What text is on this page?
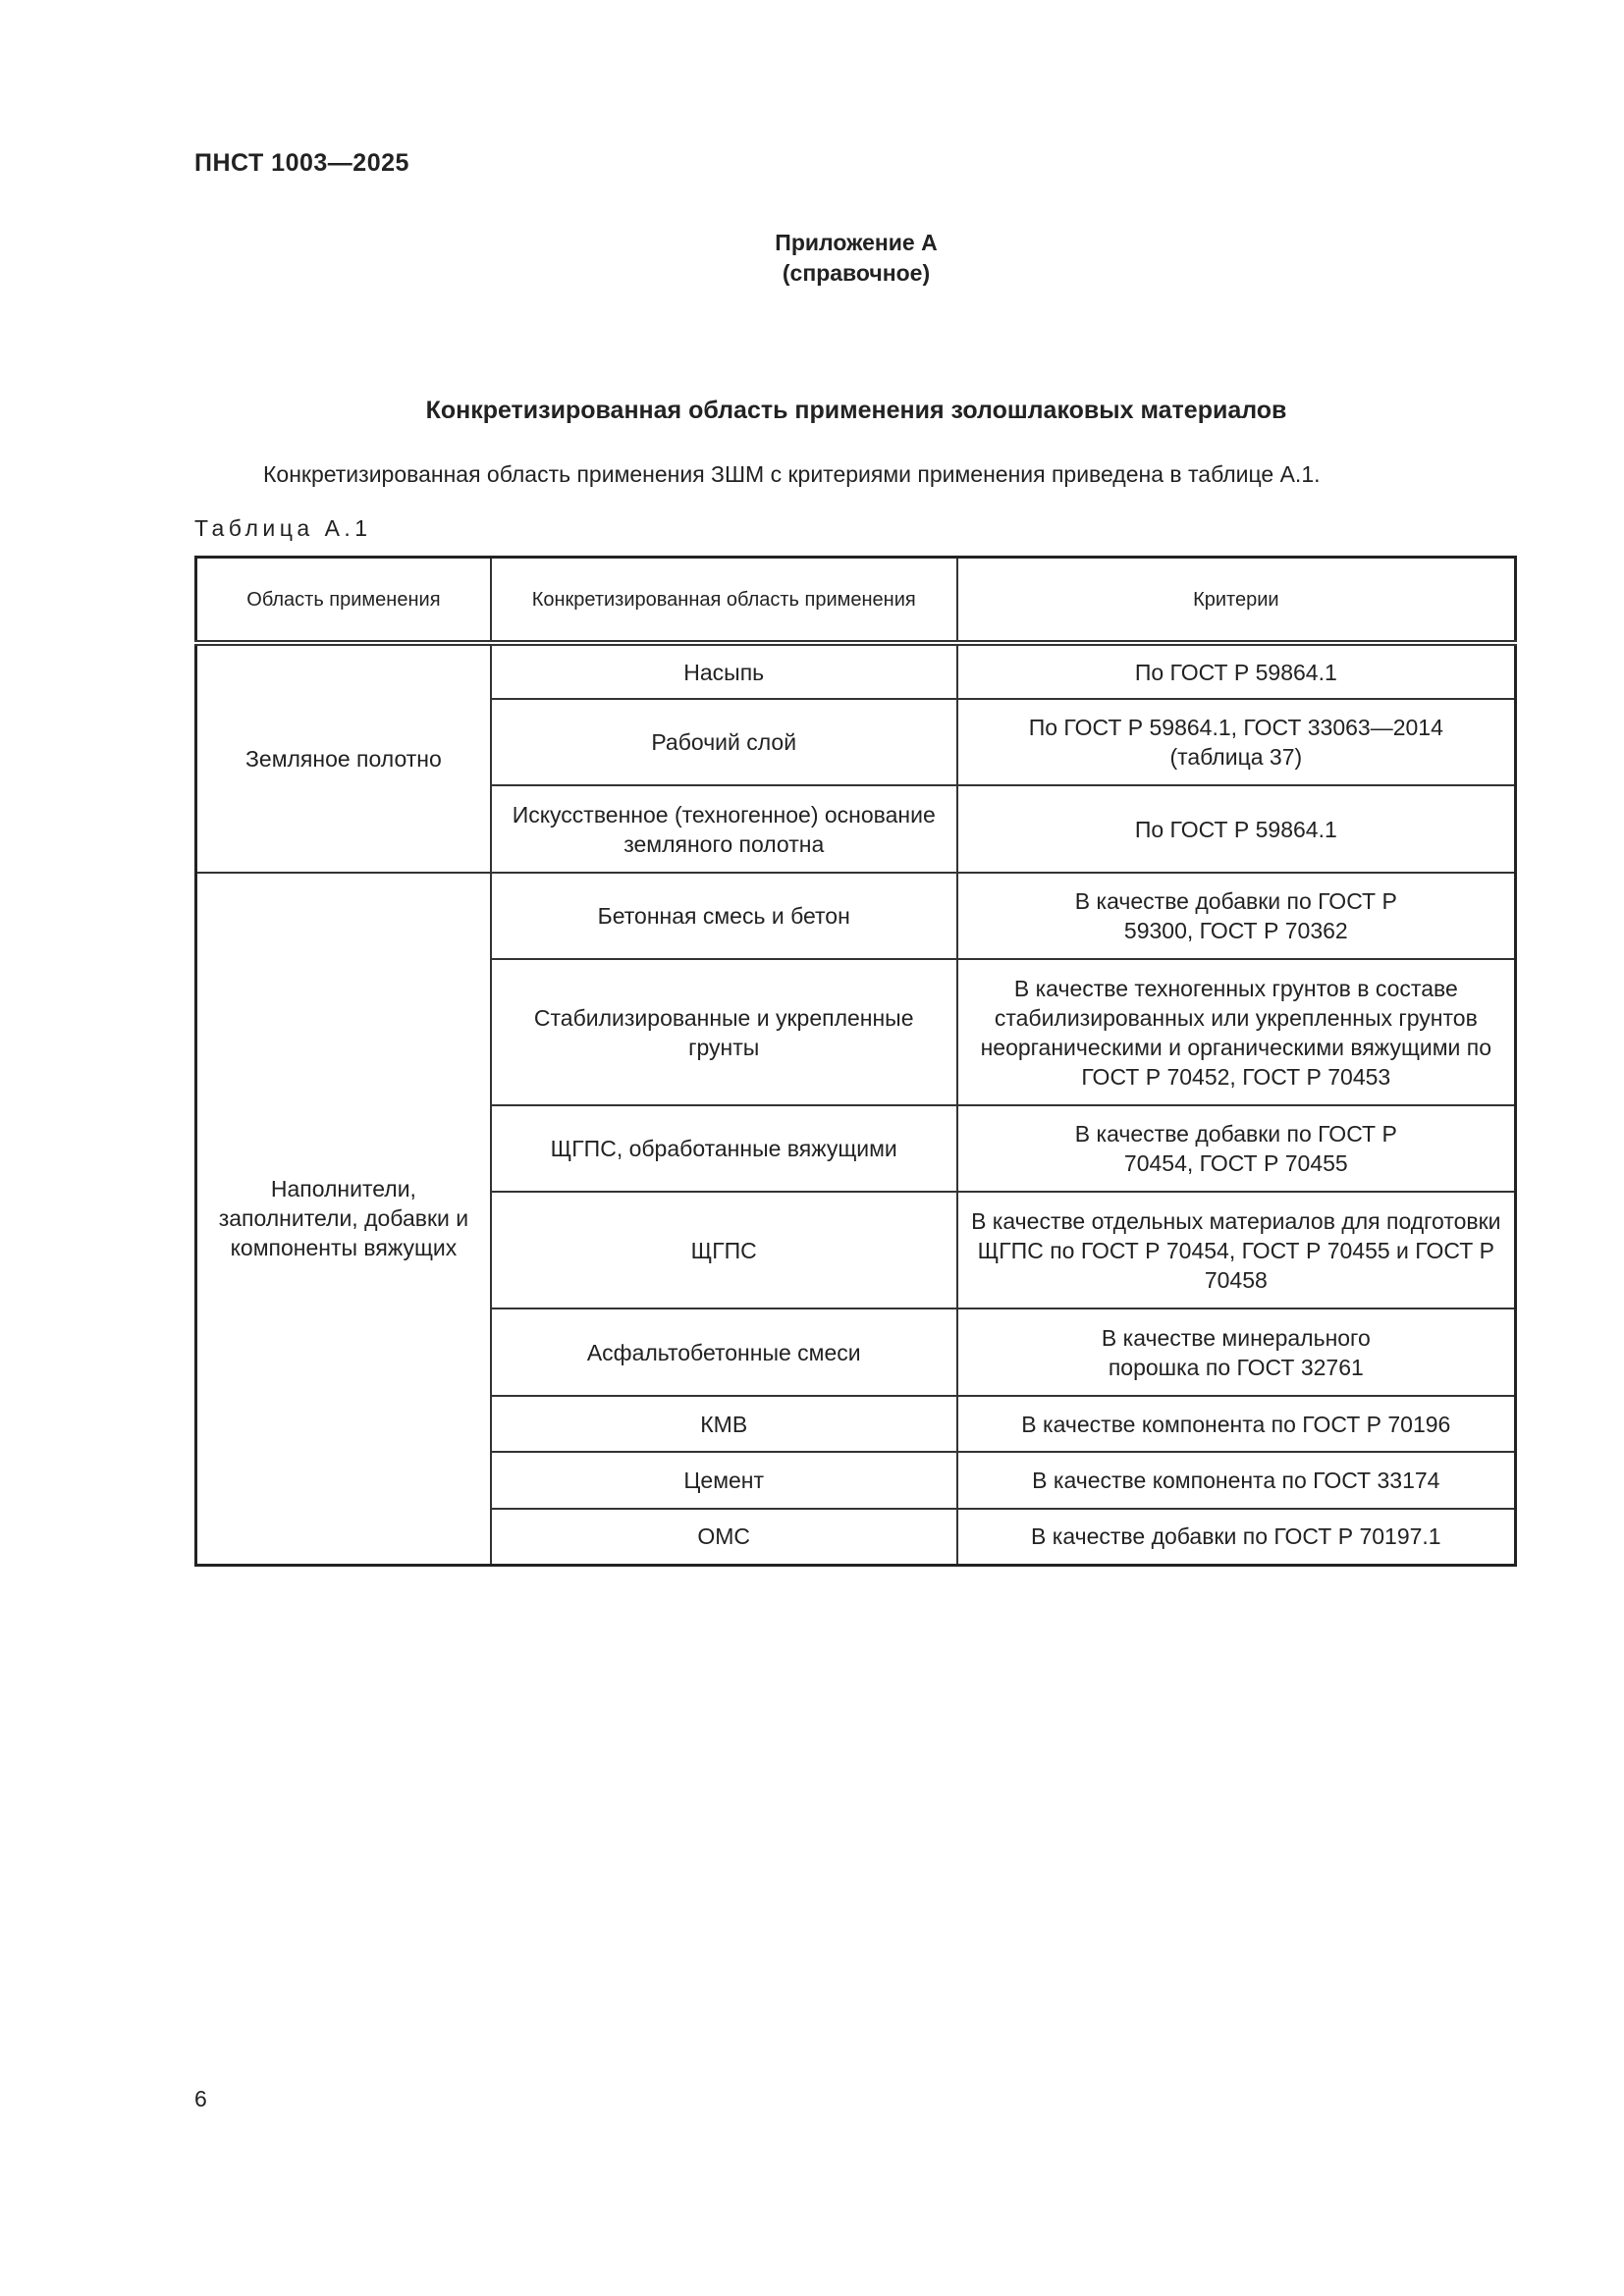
ПНСТ 1003—2025
Приложение А
(справочное)
Конкретизированная область применения золошлаковых материалов
Конкретизированная область применения ЗШМ с критериями применения приведена в таблице А.1.
Таблица А.1
Область применения	Конкретизированная область применения	Критерии
Земляное полотно	Насыпь	По ГОСТ Р 59864.1
	Рабочий слой	По ГОСТ Р 59864.1, ГОСТ 33063—2014 (таблица 37)
	Искусственное (техногенное) основание земляного полотна	По ГОСТ Р 59864.1
Наполнители, заполнители, добавки и компоненты вяжущих	Бетонная смесь и бетон	В качестве добавки по ГОСТ Р 59300, ГОСТ Р 70362
	Стабилизированные и укрепленные грунты	В качестве техногенных грунтов в составе стабилизированных или укрепленных грунтов неорганическими и органическими вяжущими по ГОСТ Р 70452, ГОСТ Р 70453
	ЩГПС, обработанные вяжущими	В качестве добавки по ГОСТ Р 70454, ГОСТ Р 70455
	ЩГПС	В качестве отдельных материалов для подготовки ЩГПС по ГОСТ Р 70454, ГОСТ Р 70455 и ГОСТ Р 70458
	Асфальтобетонные смеси	В качестве минерального порошка по ГОСТ 32761
	КМВ	В качестве компонента по ГОСТ Р 70196
	Цемент	В качестве компонента по ГОСТ 33174
	ОМС	В качестве добавки по ГОСТ Р 70197.1
6
